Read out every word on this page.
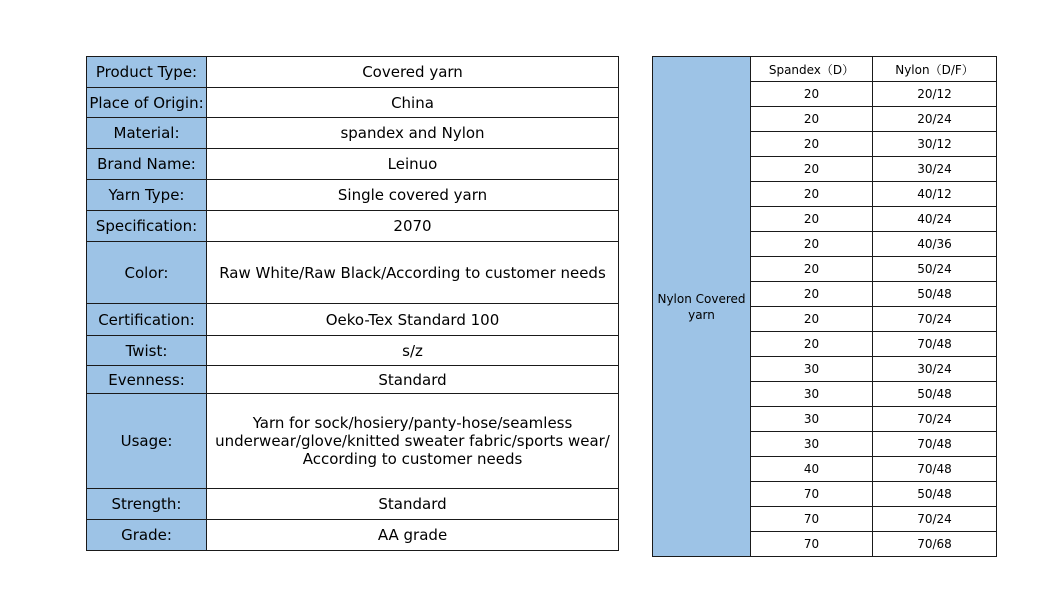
Product Type:	Covered yarn
Place of Origin:	China
Material:	spandex and Nylon
Brand Name:	Leinuo
Yarn Type:	Single covered yarn
Specification:	2070
Color:	Raw White/Raw Black/According to customer needs
Certification:	Oeko-Tex Standard 100
Twist:	s/z
Evenness:	Standard
Usage:	Yarn for sock/hosiery/panty-hose/seamless
underwear/glove/knitted sweater fabric/sports wear/
According to customer needs
Strength:	Standard
Grade:	AA grade
Nylon Covered yarn	Spandex（D）	Nylon（D/F）
	20	20/12
	20	20/24
	20	30/12
	20	30/24
	20	40/12
	20	40/24
	20	40/36
	20	50/24
	20	50/48
	20	70/24
	20	70/48
	30	30/24
	30	50/48
	30	70/24
	30	70/48
	40	70/48
	70	50/48
	70	70/24
	70	70/68
